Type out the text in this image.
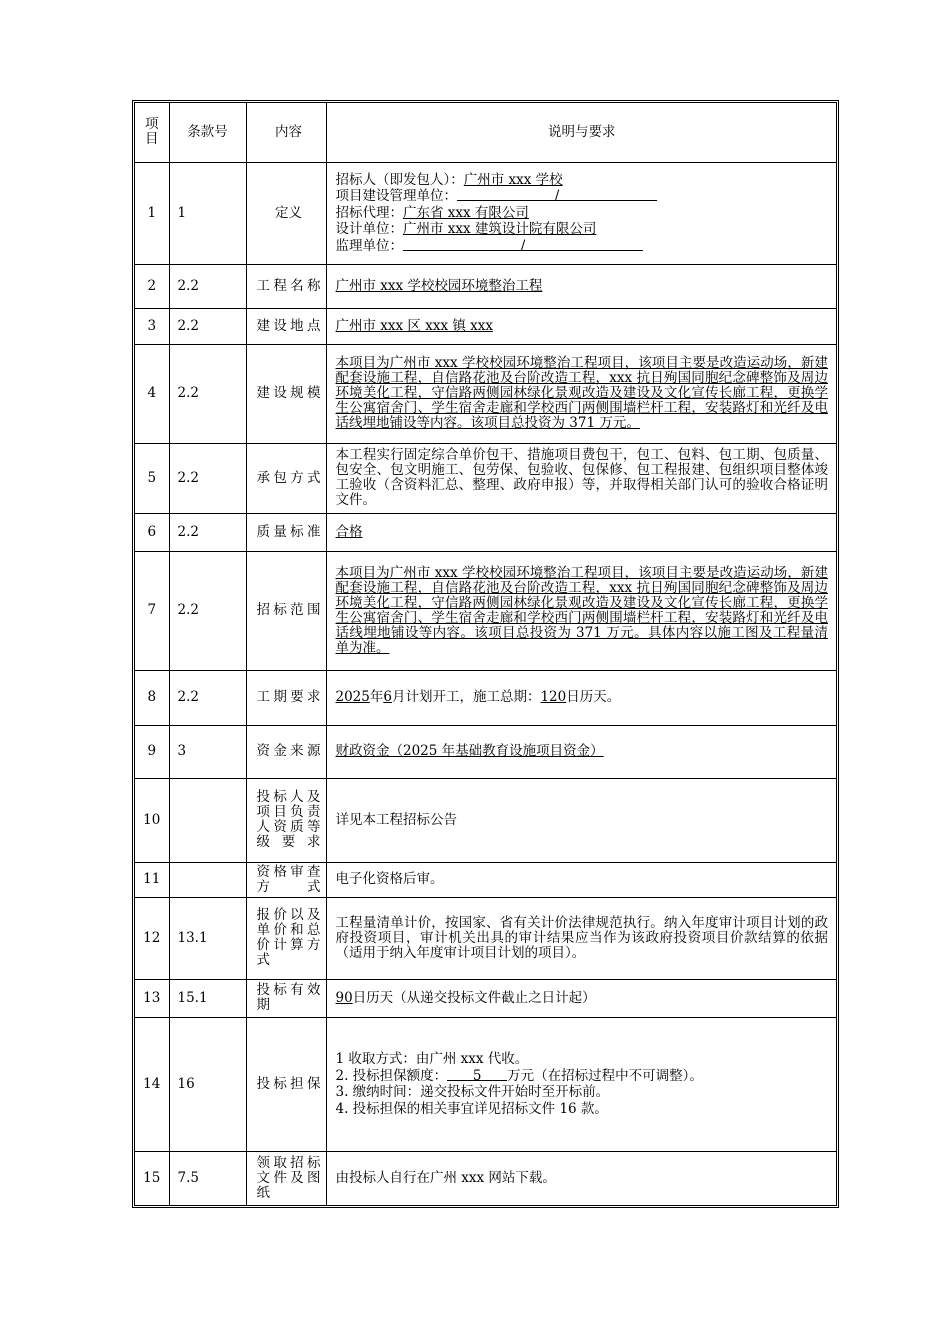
项目	条款号	内容	说明与要求
1	1	定义	招标人（即发包人）：广州市 xxx 学校
项目建设管理单位： /
招标代理：广东省 xxx 有限公司
设计单位：广州市 xxx 建筑设计院有限公司
监理单位： /

2	2.2	工程名称	广州市 xxx 学校校园环境整治工程
3	2.2	建设地点	广州市 xxx 区 xxx 镇 xxx
4	2.2	建设规模	本项目为广州市 xxx 学校校园环境整治工程项目，该项目主要是改造运动场，新建配套设施工程，自信路花池及台阶改造工程，xxx 抗日殉国同胞纪念碑整饰及周边环境美化工程，守信路两侧园林绿化景观改造及建设及文化宣传长廊工程，更换学生公寓宿舍门、学生宿舍走廊和学校西门两侧围墙栏杆工程，安装路灯和光纤及电话线埋地铺设等内容。该项目总投资为 371 万元。
5	2.2	承包方式	本工程实行固定综合单价包干、措施项目费包干，包工、包料、包工期、包质量、包安全、包文明施工、包劳保、包验收、包保修、包工程报建、包组织项目整体竣工验收（含资料汇总、整理、政府申报）等，并取得相关部门认可的验收合格证明文件。
6	2.2	质量标准	合格
7	2.2	招标范围	本项目为广州市 xxx 学校校园环境整治工程项目，该项目主要是改造运动场，新建配套设施工程，自信路花池及台阶改造工程，xxx 抗日殉国同胞纪念碑整饰及周边环境美化工程，守信路两侧园林绿化景观改造及建设及文化宣传长廊工程，更换学生公寓宿舍门、学生宿舍走廊和学校西门两侧围墙栏杆工程，安装路灯和光纤及电话线埋地铺设等内容。该项目总投资为 371 万元。具体内容以施工图及工程量清单为准。
8	2.2	工期要求	2025年6月计划开工，施工总期：120日历天。
9	3	资金来源	财政资金（2025 年基础教育设施项目资金）
10		投标人及项目负责人资质等级要求	详见本工程招标公告
11		资格审查方式	电子化资格后审。
12	13.1	报价以及单价和总价计算方式	工程量清单计价，按国家、省有关计价法律规范执行。纳入年度审计项目计划的政府投资项目，审计机关出具的审计结果应当作为该政府投资项目价款结算的依据（适用于纳入年度审计项目计划的项目）。
13	15.1	投标有效期	90日历天（从递交投标文件截止之日计起）
14	16	投标担保	1 收取方式：由广州 xxx 代收。
2. 投标担保额度： 5 万元（在招标过程中不可调整）。
3. 缴纳时间：递交投标文件开始时至开标前。
4. 投标担保的相关事宜详见招标文件 16 款。

15	7.5	领取招标文件及图纸	由投标人自行在广州 xxx 网站下载。
